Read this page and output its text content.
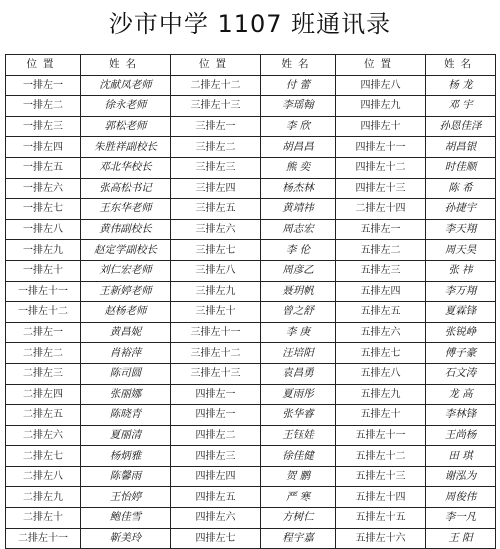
沙市中学 1107 班通讯录
位置	姓名	位置	姓名	位置	姓名
一排左一	沈献凤老师	二排左十二	付 蕾	四排左八	杨 龙
一排左二	徐永老师	三排左十三	李瑶翰	四排左九	邓 宇
一排左三	郭松老师	三排左一	李 欣	四排左十	孙恩佳泽
一排左四	朱胜祥副校长	三排左二	胡昌昌	四排左十一	胡昌银
一排左五	邓北华校长	三排左三	熊 奕	四排左十二	时佳顺
一排左六	张高松书记	三排左四	杨杰林	四排左十三	陈 希
一排左七	王东华老师	三排左五	黄靖祎	二排左十四	孙捷宇
一排左八	黄伟副校长	三排左六	周志宏	五排左一	李天翔
一排左九	赵定学副校长	三排左七	李 伦	五排左二	周天昊
一排左十	刘仁宏老师	三排左八	周彦乙	五排左三	张 祎
一排左十一	王新婷老师	三排左九	聂玥帆	五排左四	李万翔
一排左十二	赵杨老师	三排左十	曾之舒	五排左五	夏霖锋
二排左一	黄昌妮	三排左十一	李 庚	五排左六	张锐峥
二排左二	肖裕萍	三排左十二	汪培阳	五排左七	傅子豪
二排左三	陈司圆	三排左十三	袁昌勇	五排左八	石文涛
二排左四	张丽娜	四排左一	夏雨彤	五排左九	龙 高
二排左五	陈晓青	四排左一	张华睿	五排左十	李林锋
二排左六	夏丽清	四排左二	王钰娃	五排左十一	王尚杨
二排左七	杨炳雅	四排左三	徐佳健	五排左十二	田 琪
二排左八	陈馨雨	四排左四	贺 鹏	五排左十三	谢泓为
二排左九	王怡婷	四排左五	严 寒	五排左十四	周俊伟
二排左十	鲍佳雪	四排左六	方树仁	五排左十五	李一凡
二排左十一	靳美玲	四排左七	程宇嘉	五排左十六	王 阳
